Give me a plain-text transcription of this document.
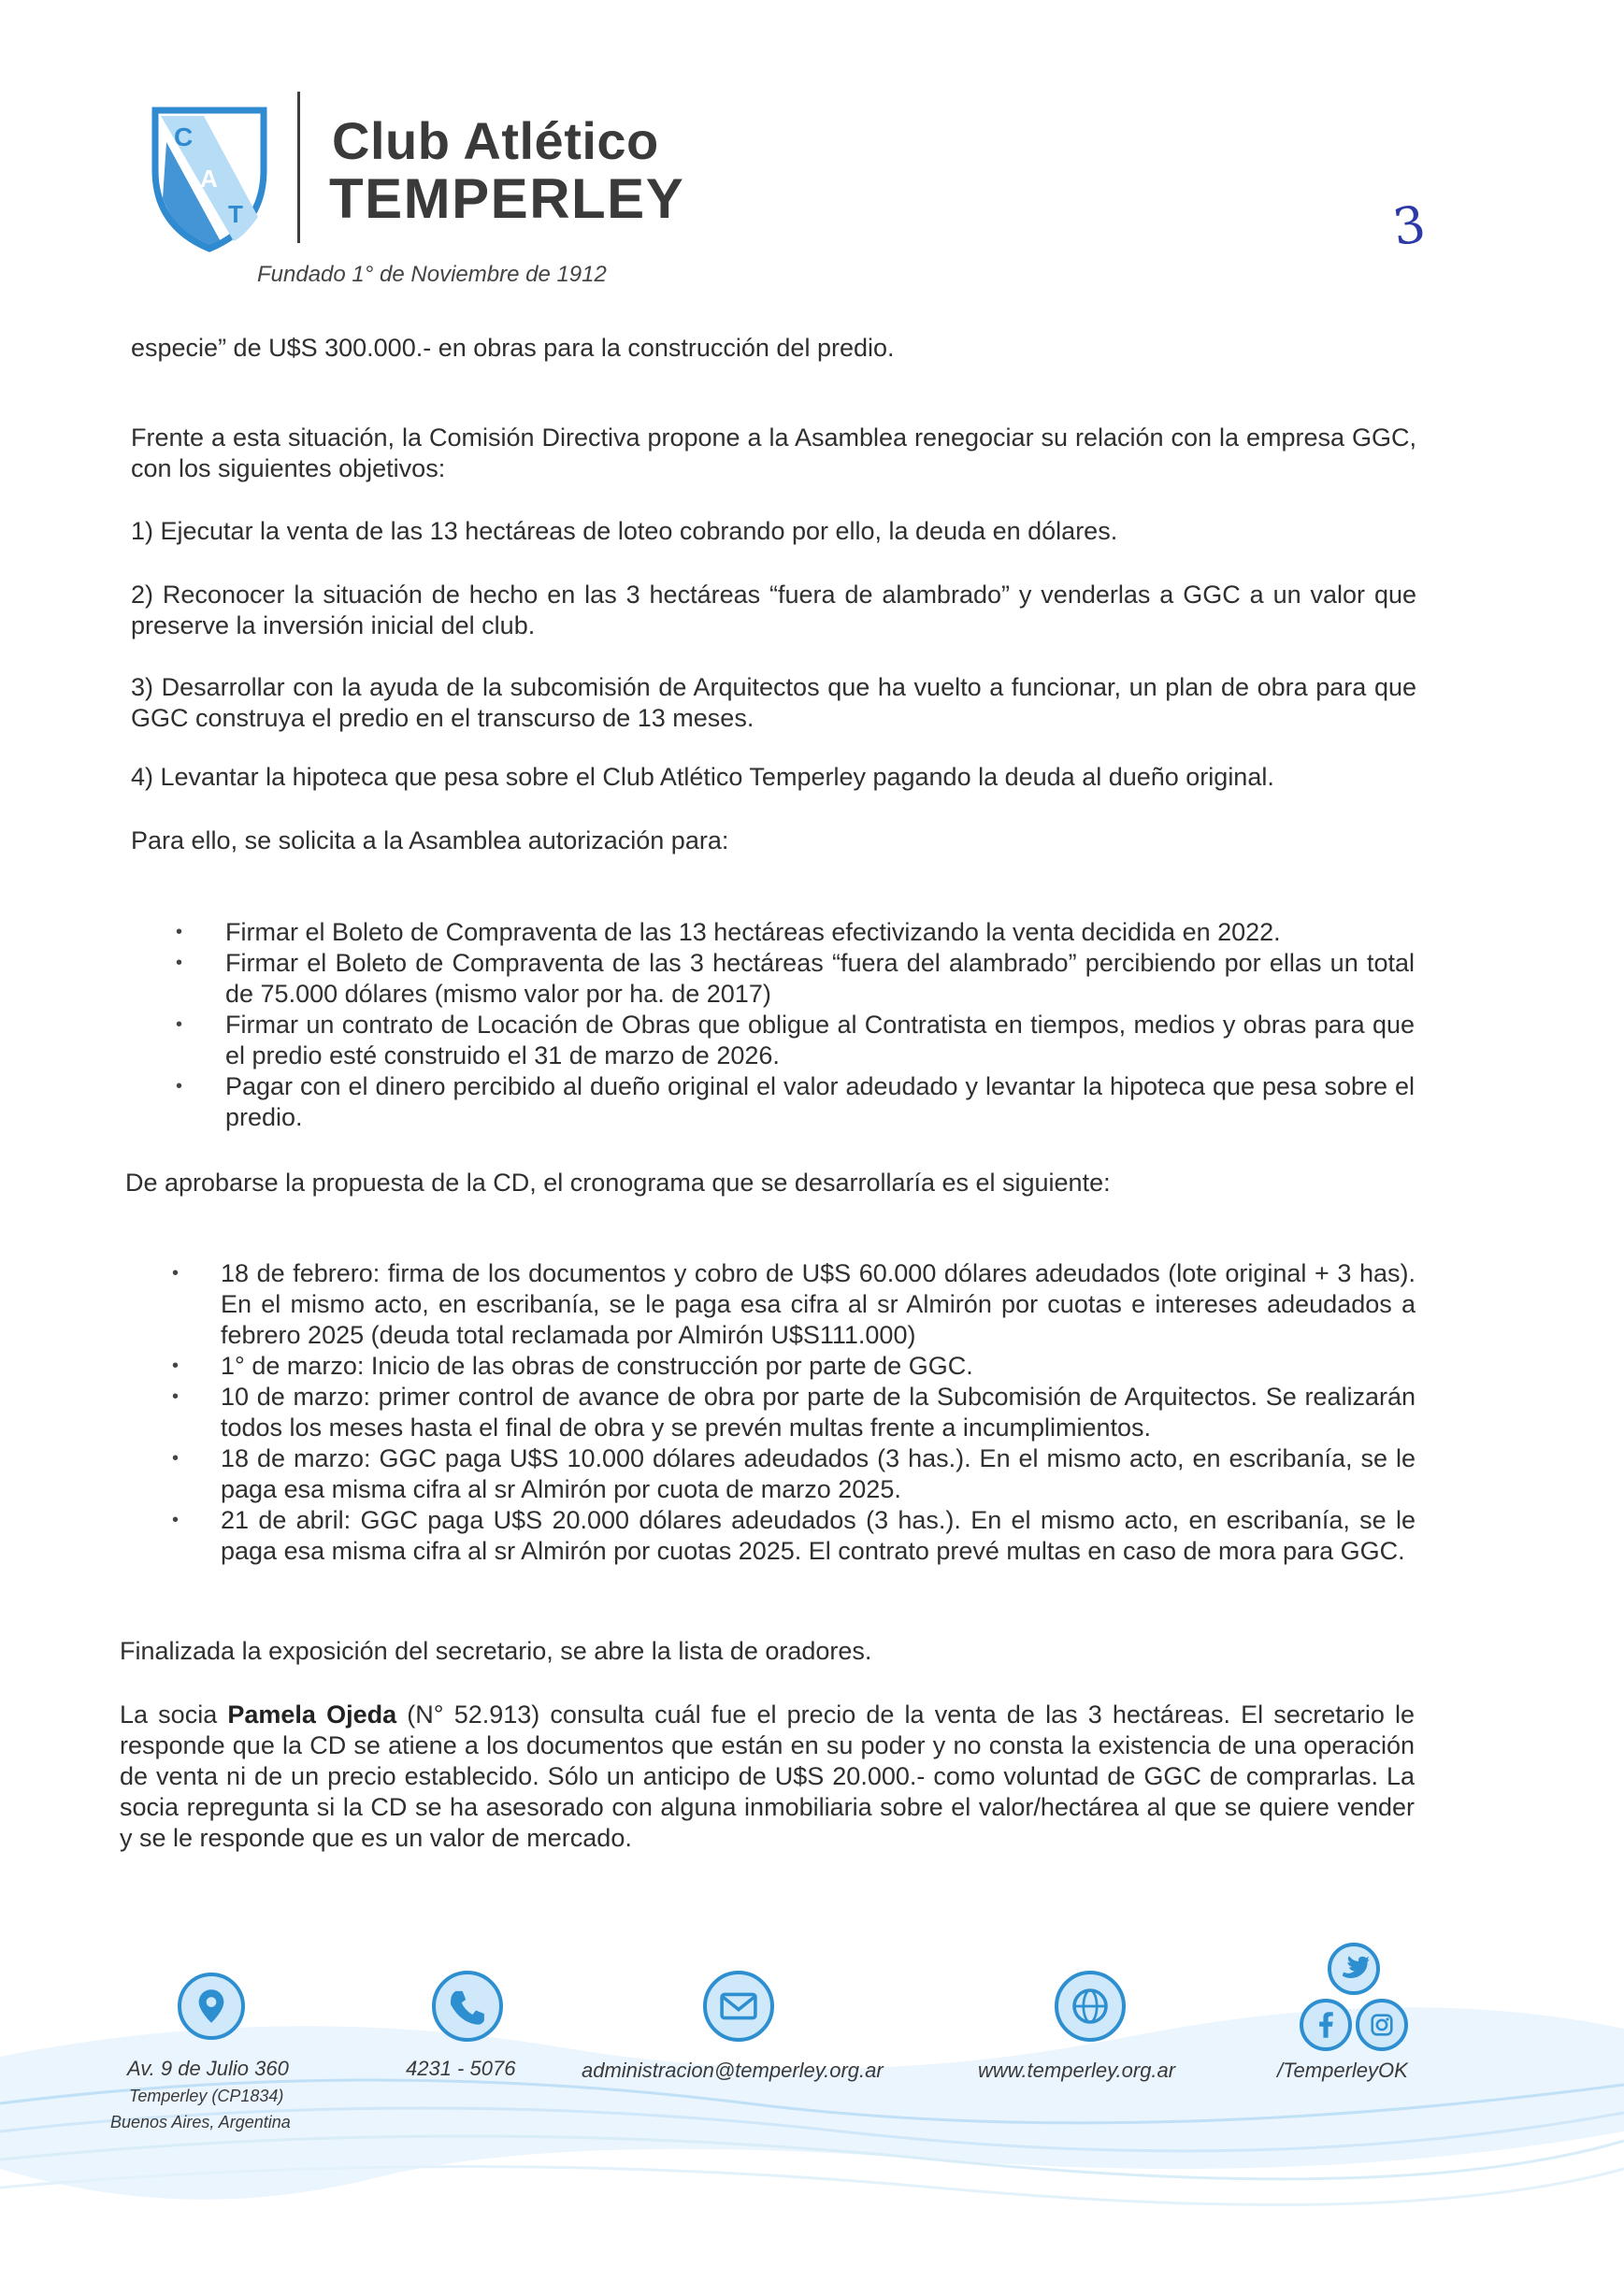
C
A
T
Club Atlético
TEMPERLEY
Fundado 1° de Noviembre de 1912
3

especie” de U$S 300.000.- en obras para la construcción del predio.

Frente a esta situación, la Comisión Directiva propone a la Asamblea renegociar su relación con la empresa GGC, con los siguientes objetivos:

1) Ejecutar la venta de las 13 hectáreas de loteo cobrando por ello, la deuda en dólares.

2) Reconocer la situación de hecho en las 3 hectáreas “fuera de alambrado” y venderlas a GGC a un valor que preserve la inversión inicial del club.

3) Desarrollar con la ayuda de la subcomisión de Arquitectos que ha vuelto a funcionar, un plan de obra para que GGC construya el predio en el transcurso de 13 meses.

4) Levantar la hipoteca que pesa sobre el Club Atlético Temperley pagando la deuda al dueño original.

Para ello, se solicita a la Asamblea autorización para:

• Firmar el Boleto de Compraventa de las 13 hectáreas efectivizando la venta decidida en 2022.

• Firmar el Boleto de Compraventa de las 3 hectáreas “fuera del alambrado” percibiendo por ellas un total de 75.000 dólares (mismo valor por ha. de 2017)

• Firmar un contrato de Locación de Obras que obligue al Contratista en tiempos, medios y obras para que el predio esté construido el 31 de marzo de 2026.

• Pagar con el dinero percibido al dueño original el valor adeudado y levantar la hipoteca que pesa sobre el predio.

De aprobarse la propuesta de la CD, el cronograma que se desarrollaría es el siguiente:

• 18 de febrero: firma de los documentos y cobro de U$S 60.000 dólares adeudados (lote original + 3 has). En el mismo acto, en escribanía, se le paga esa cifra al sr Almirón por cuotas e intereses adeudados a febrero 2025 (deuda total reclamada por Almirón U$S111.000)

• 1° de marzo: Inicio de las obras de construcción por parte de GGC.

• 10 de marzo: primer control de avance de obra por parte de la Subcomisión de Arquitectos. Se realizarán todos los meses hasta el final de obra y se prevén multas frente a incumplimientos.

• 18 de marzo: GGC paga U$S 10.000 dólares adeudados (3 has.). En el mismo acto, en escribanía, se le paga esa misma cifra al sr Almirón por cuota de marzo 2025.

• 21 de abril: GGC paga U$S 20.000 dólares adeudados (3 has.). En el mismo acto, en escribanía, se le paga esa misma cifra al sr Almirón por cuotas 2025. El contrato prevé multas en caso de mora para GGC.

Finalizada la exposición del secretario, se abre la lista de oradores.

La socia Pamela Ojeda (N° 52.913) consulta cuál fue el precio de la venta de las 3 hectáreas. El secretario le responde que la CD se atiene a los documentos que están en su poder y no consta la existencia de una operación de venta ni de un precio establecido. Sólo un anticipo de U$S 20.000.- como voluntad de GGC de comprarlas. La socia repregunta si la CD se ha asesorado con alguna inmobiliaria sobre el valor/hectárea al que se quiere vender y se le responde que es un valor de mercado.

Av. 9 de Julio 360
Temperley (CP1834)
Buenos Aires, Argentina
4231 - 5076	administracion@temperley.org.ar	www.temperley.org.ar	/TemperleyOK
